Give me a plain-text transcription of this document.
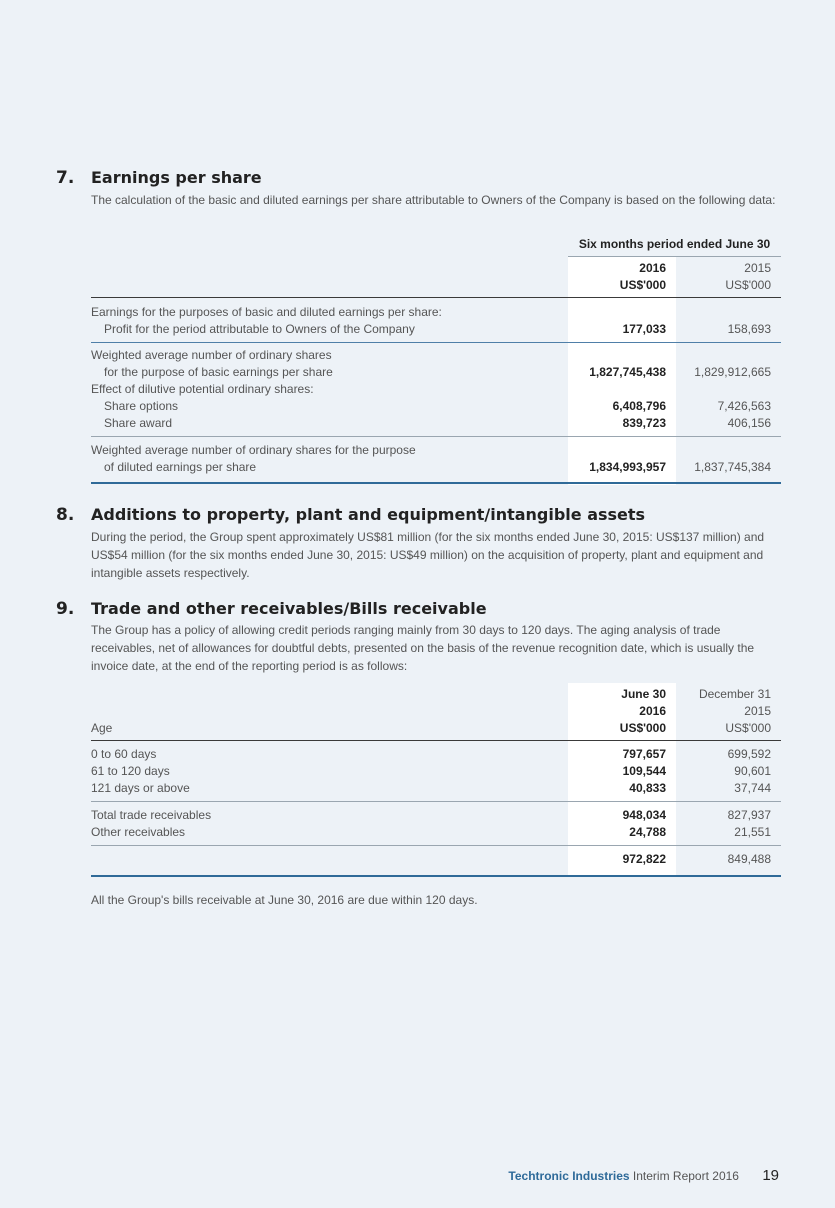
7. Earnings per share
The calculation of the basic and diluted earnings per share attributable to Owners of the Company is based on the following data:
Six months period ended June 30
2016	2015
US$'000	US$'000
Earnings for the purposes of basic and diluted earnings per share:
Profit for the period attributable to Owners of the Company	177,033	158,693
Weighted average number of ordinary shares
for the purpose of basic earnings per share	1,827,745,438 1,829,912,665
Effect of dilutive potential ordinary shares:
Share options	6,408,796	7,426,563
Share award	839,723	406,156
Weighted average number of ordinary shares for the purpose
of diluted earnings per share	1,834,993,957 1,837,745,384
8. Additions to property, plant and equipment/intangible assets
During the period, the Group spent approximately US$81 million (for the six months ended June 30, 2015: US$137 million) and US$54 million (for the six months ended June 30, 2015: US$49 million) on the acquisition of property, plant and equipment and intangible assets respectively.
9. Trade and other receivables/Bills receivable
The Group has a policy of allowing credit periods ranging mainly from 30 days to 120 days. The aging analysis of trade receivables, net of allowances for doubtful debts, presented on the basis of the revenue recognition date, which is usually the invoice date, at the end of the reporting period is as follows:
June 30	December 31
2016	2015
Age	US$'000	US$'000
0 to 60 days	797,657	699,592
61 to 120 days	109,544	90,601
121 days or above	40,833	37,744
Total trade receivables	948,034	827,937
Other receivables	24,788	21,551
972,822	849,488
All the Group's bills receivable at June 30, 2016 are due within 120 days.
Techtronic Industries Interim Report 2016 19
